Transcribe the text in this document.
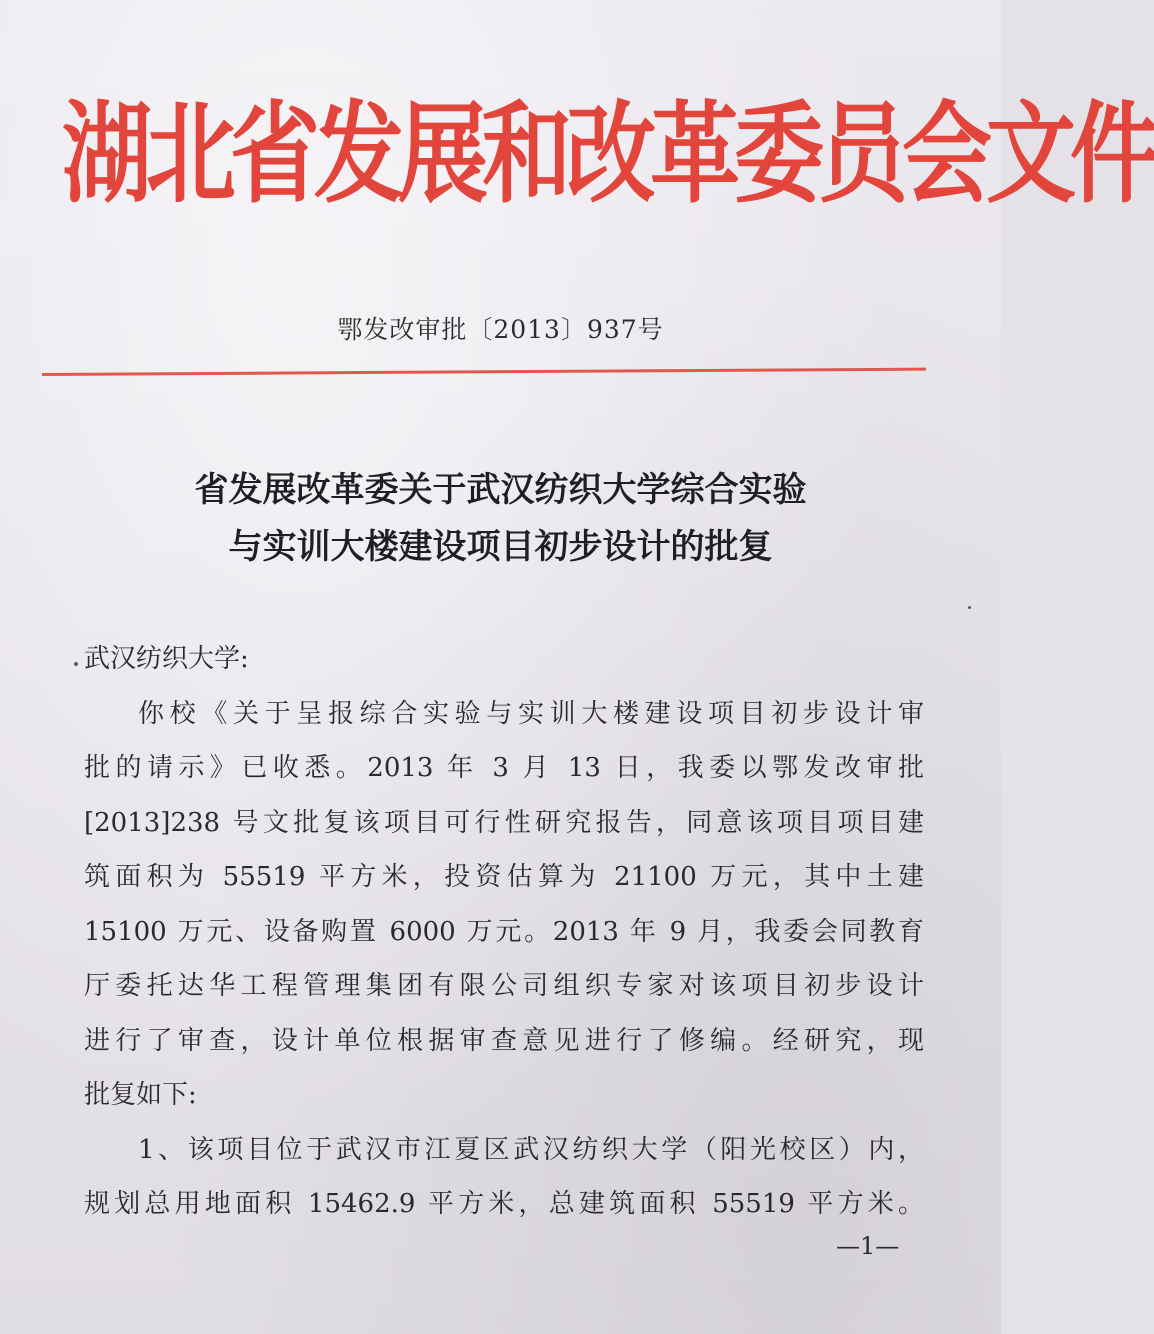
湖北省发展和改革委员会文件
鄂发改审批〔2013〕937号
省发展改革委关于武汉纺织大学综合实验
与实训大楼建设项目初步设计的批复
武汉纺织大学:
你校《关于呈报综合实验与实训大楼建设项目初步设计审
批的请示》已收悉。2013 年 3 月 13 日，我委以鄂发改审批
[2013]238 号文批复该项目可行性研究报告，同意该项目项目建
筑面积为 55519 平方米，投资估算为 21100 万元，其中土建
15100 万元、设备购置 6000 万元。2013 年 9 月，我委会同教育
厅委托达华工程管理集团有限公司组织专家对该项目初步设计
进行了审查，设计单位根据审查意见进行了修编。经研究，现
批复如下:
1、该项目位于武汉市江夏区武汉纺织大学（阳光校区）内，
规划总用地面积 15462.9 平方米，总建筑面积 55519 平方米。
—1—
